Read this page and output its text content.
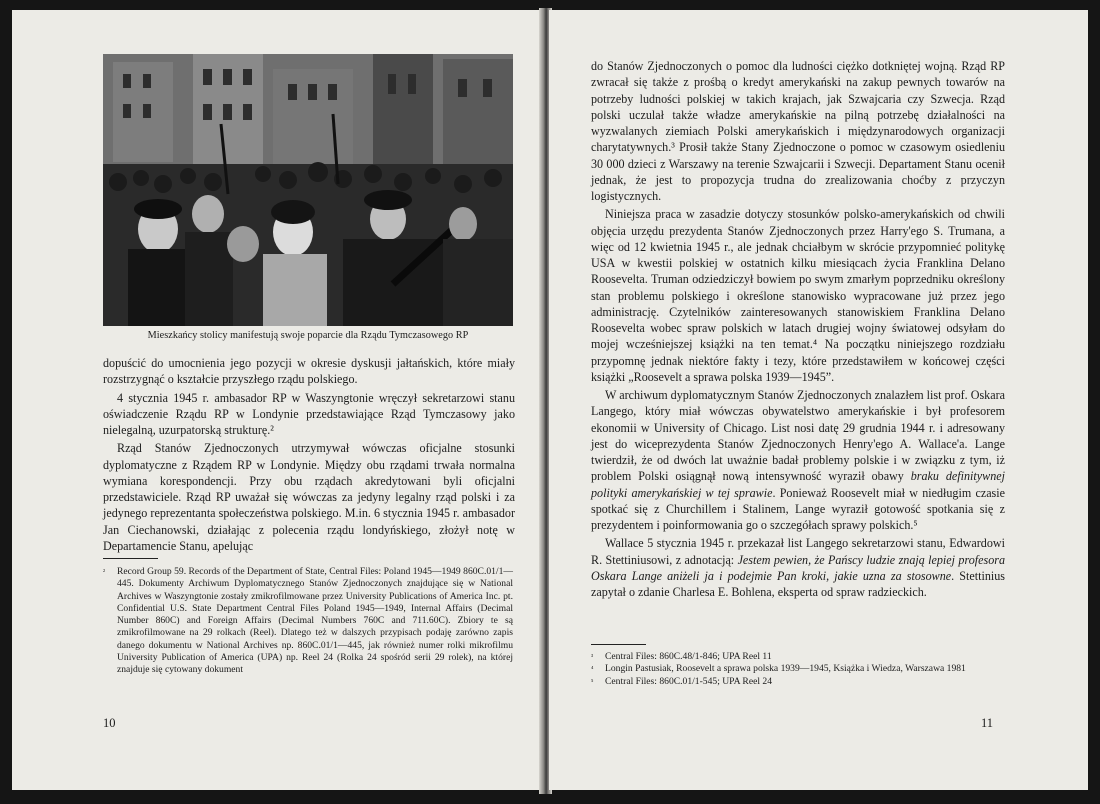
Mieszkańcy stolicy manifestują swoje poparcie dla Rządu Tymczasowego RP

dopuścić do umocnienia jego pozycji w okresie dyskusji jałtańskich, które miały rozstrzygnąć o kształcie przyszłego rządu polskiego.

4 stycznia 1945 r. ambasador RP w Waszyngtonie wręczył sekretarzowi stanu oświadczenie Rządu RP w Londynie przedstawiające Rząd Tymczasowy jako nielegalną, uzurpatorską strukturę.²

Rząd Stanów Zjednoczonych utrzymywał wówczas oficjalne stosunki dyplomatyczne z Rządem RP w Londynie. Między obu rządami trwała normalna wymiana korespondencji. Przy obu rządach akredytowani byli oficjalni przedstawiciele. Rząd RP uważał się wówczas za jedyny legalny rząd polski i za jedynego reprezentanta społeczeństwa polskiego. M.in. 6 stycznia 1945 r. ambasador Jan Ciechanowski, działając z polecenia rządu londyńskiego, złożył notę w Departamencie Stanu, apelując

² Record Group 59. Records of the Department of State, Central Files: Poland 1945—1949 860C.01/1—445. Dokumenty Archiwum Dyplomatycznego Stanów Zjednoczonych znajdujące się w National Archives w Waszyngtonie zostały zmikrofilmowane przez University Publications of America Inc. pt. Confidential U.S. State Department Central Files Poland 1945—1949, Internal Affairs (Decimal Number 860C) and Foreign Affairs (Decimal Numbers 760C and 711.60C). Zbiory te są zmikrofilmowane na 29 rolkach (Reel). Dlatego też w dalszych przypisach podaję zarówno zapis danego dokumentu w National Archives np. 860C.01/1—445, jak również numer rolki mikrofilmu University Publication of America (UPA) np. Reel 24 (Rolka 24 spośród serii 29 rolek), na której znajduje się cytowany dokument
10

do Stanów Zjednoczonych o pomoc dla ludności ciężko dotkniętej wojną. Rząd RP zwracał się także z prośbą o kredyt amerykański na zakup pewnych towarów na potrzeby ludności polskiej w takich krajach, jak Szwajcaria czy Szwecja. Rząd polski uczulał także władze amerykańskie na pilną potrzebę działalności na wyzwalanych ziemiach Polski amerykańskich i międzynarodowych organizacji charytatywnych.³ Prosił także Stany Zjednoczone o pomoc w czasowym osiedleniu 30 000 dzieci z Warszawy na terenie Szwajcarii i Szwecji. Departament Stanu ocenił jednak, że jest to propozycja trudna do zrealizowania choćby z przyczyn logistycznych.

Niniejsza praca w zasadzie dotyczy stosunków polsko-amerykańskich od chwili objęcia urzędu prezydenta Stanów Zjednoczonych przez Harry'ego S. Trumana, a więc od 12 kwietnia 1945 r., ale jednak chciałbym w skrócie przypomnieć politykę USA w kwestii polskiej w ostatnich kilku miesiącach życia Franklina Delano Roosevelta. Truman odziedziczył bowiem po swym zmarłym poprzedniku określony stan problemu polskiego i określone stanowisko wypracowane już przez jego administrację. Czytelników zainteresowanych stanowiskiem Franklina Delano Roosevelta wobec spraw polskich w latach drugiej wojny światowej odsyłam do mojej wcześniejszej książki na ten temat.⁴ Na początku niniejszego rozdziału przypomnę jednak niektóre fakty i tezy, które przedstawiłem w końcowej części książki „Roosevelt a sprawa polska 1939—1945”.

W archiwum dyplomatycznym Stanów Zjednoczonych znalazłem list prof. Oskara Langego, który miał wówczas obywatelstwo amerykańskie i był profesorem ekonomii w University of Chicago. List nosi datę 29 grudnia 1944 r. i adresowany jest do wiceprezydenta Stanów Zjednoczonych Henry'ego A. Wallace'a. Lange twierdził, że od dwóch lat uważnie badał problemy polskie i w związku z tym, iż problem Polski osiągnął nową intensywność wyraził obawy braku definitywnej polityki amerykańskiej w tej sprawie. Ponieważ Roosevelt miał w niedługim czasie spotkać się z Churchillem i Stalinem, Lange wyraził gotowość spotkania się z prezydentem i poinformowania go o szczegółach sprawy polskich.⁵

Wallace 5 stycznia 1945 r. przekazał list Langego sekretarzowi stanu, Edwardowi R. Stettiniusowi, z adnotacją: Jestem pewien, że Pańscy ludzie znają lepiej profesora Oskara Lange aniżeli ja i podejmie Pan kroki, jakie uzna za stosowne. Stettinius zapytał o zdanie Charlesa E. Bohlena, eksperta od spraw radzieckich.

³ Central Files: 860C.48/1-846; UPA Reel 11
⁴ Longin Pastusiak, Roosevelt a sprawa polska 1939—1945, Książka i Wiedza, Warszawa 1981
⁵ Central Files: 860C.01/1-545; UPA Reel 24
11
